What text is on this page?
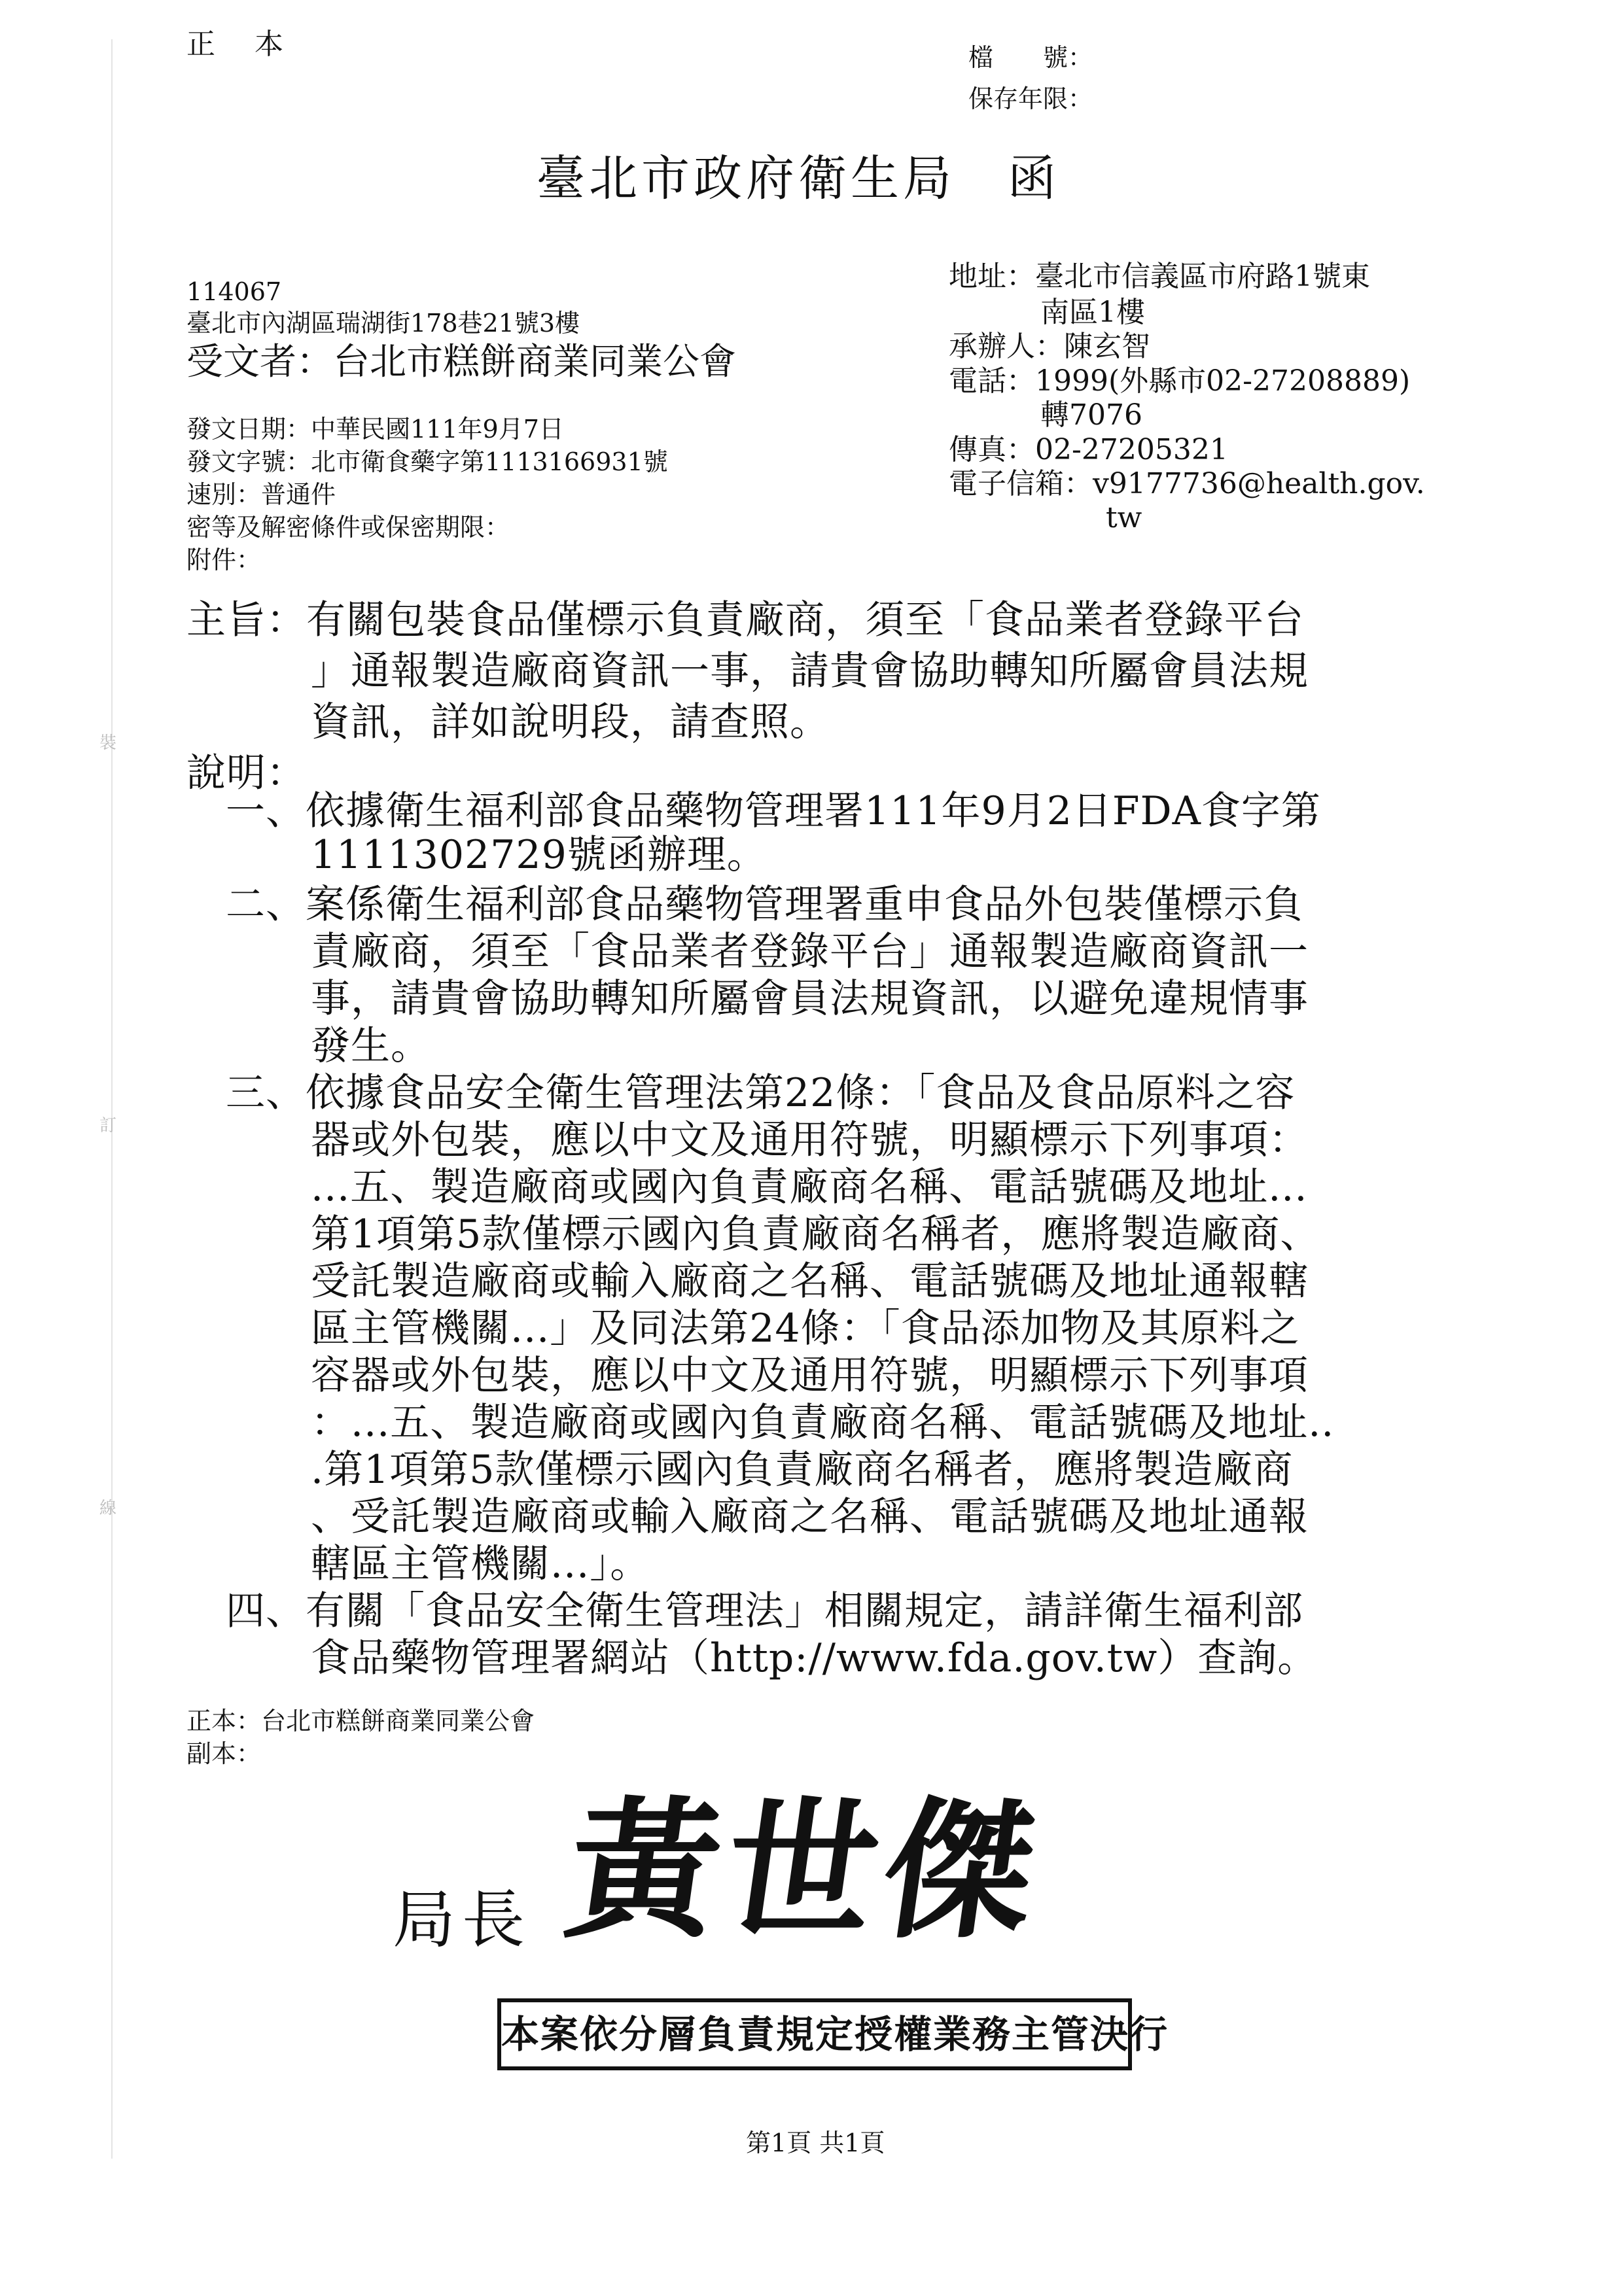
裝
訂
線
正　本	檔　　號：
保存年限：
臺北市政府衛生局　函
114067
臺北市內湖區瑞湖街178巷21號3樓
受文者：台北市糕餅商業同業公會
地址：臺北市信義區市府路1號東
南區1樓
承辦人：陳玄智
電話：1999(外縣市02-27208889)
轉7076
傳真：02-27205321
電子信箱：v9177736@health.gov.
tw
發文日期：中華民國111年9月7日
發文字號：北市衛食藥字第1113166931號
速別：普通件
密等及解密條件或保密期限：
附件：
主旨：有關包裝食品僅標示負責廠商，須至「食品業者登錄平台
」通報製造廠商資訊一事，請貴會協助轉知所屬會員法規
資訊，詳如說明段，請查照。
說明：
一、依據衛生福利部食品藥物管理署111年9月2日FDA食字第
1111302729號函辦理。
二、案係衛生福利部食品藥物管理署重申食品外包裝僅標示負
責廠商，須至「食品業者登錄平台」通報製造廠商資訊一
事，請貴會協助轉知所屬會員法規資訊，以避免違規情事
發生。
三、依據食品安全衛生管理法第22條：「食品及食品原料之容
器或外包裝，應以中文及通用符號，明顯標示下列事項：
...五、製造廠商或國內負責廠商名稱、電話號碼及地址...
第1項第5款僅標示國內負責廠商名稱者，應將製造廠商、
受託製造廠商或輸入廠商之名稱、電話號碼及地址通報轄
區主管機關...」及同法第24條：「食品添加物及其原料之
容器或外包裝，應以中文及通用符號，明顯標示下列事項
：...五、製造廠商或國內負責廠商名稱、電話號碼及地址..
.第1項第5款僅標示國內負責廠商名稱者，應將製造廠商
、受託製造廠商或輸入廠商之名稱、電話號碼及地址通報
轄區主管機關...」。
四、有關「食品安全衛生管理法」相關規定，請詳衛生福利部
食品藥物管理署網站（http://www.fda.gov.tw）查詢。
正本：台北市糕餅商業同業公會
副本：
局長 黃世傑
本案依分層負責規定授權業務主管決行
第1頁 共1頁
